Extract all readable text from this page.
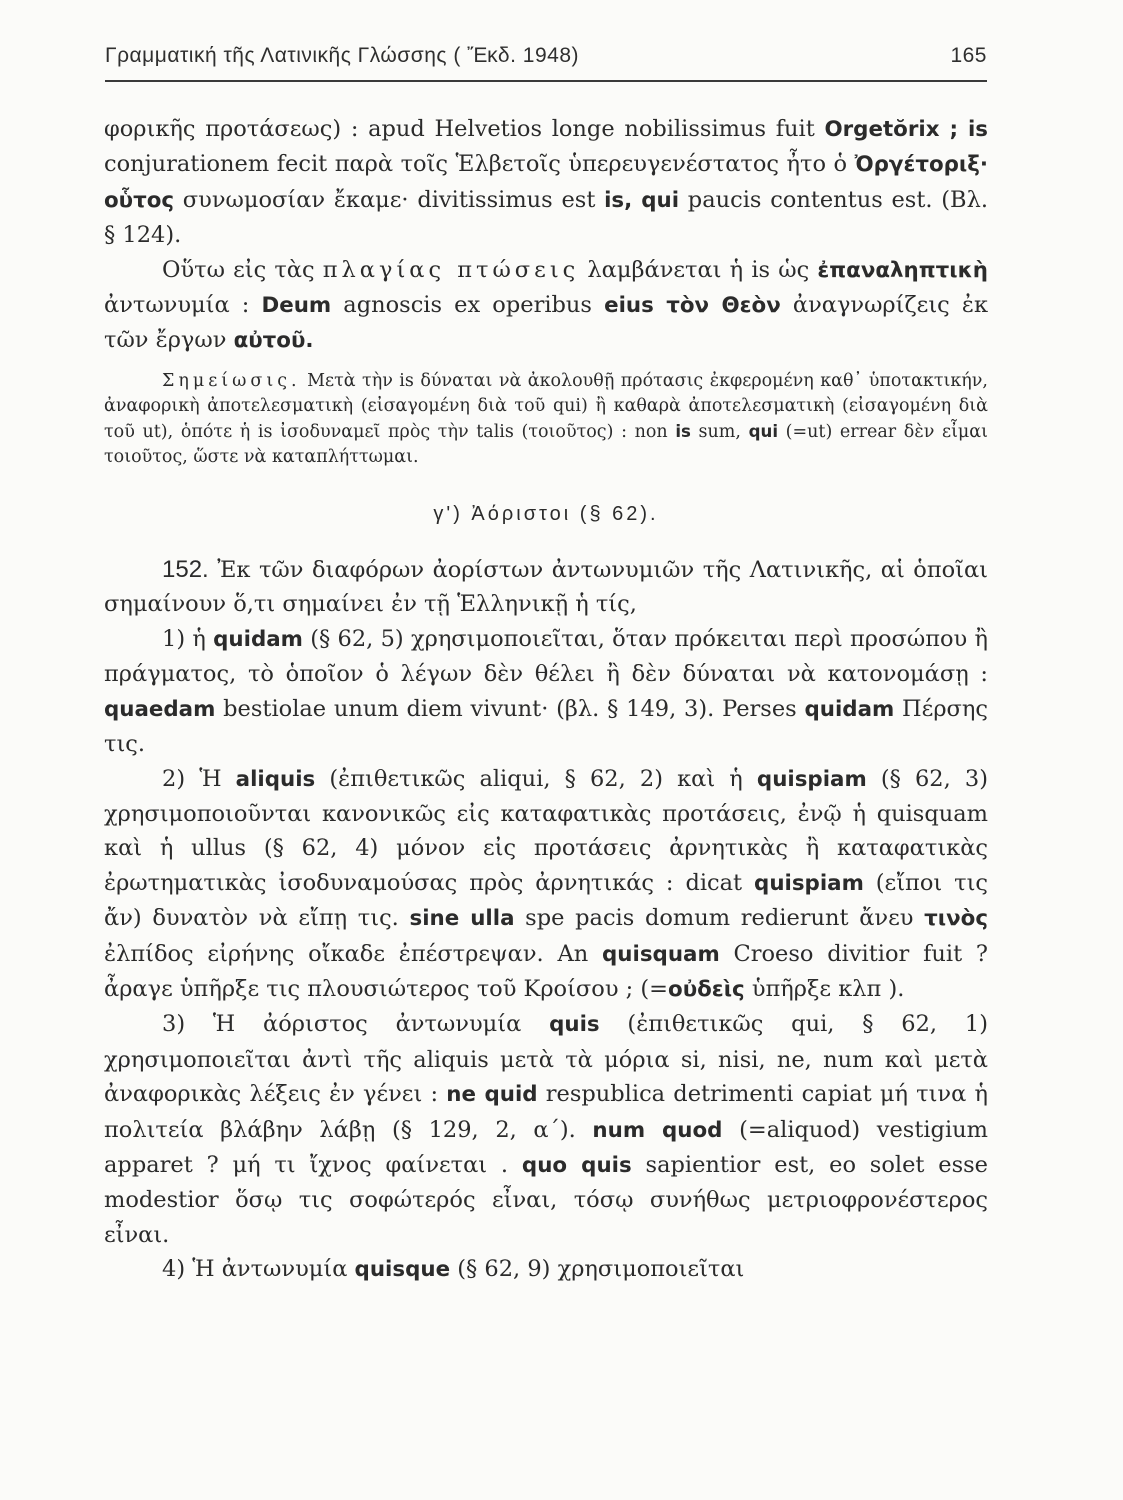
Γραμματική τῆς Λατινικῆς Γλώσσης ( Ἔκδ. 1948)	165

φορικῆς προτάσεως) : apud Helvetios longe nobilissimus fuit Orgetŏrix ; is conjurationem fecit παρὰ τοῖς Ἑλβετοῖς ὑπερευγενέστατος ἦτο ὁ Ὀργέτοριξ· οὗτος συνωμοσίαν ἔκαμε· divitissimus est is, qui paucis contentus est. (Βλ. § 124).

Οὕτω εἰς τὰς πλαγίας πτώσεις λαμβάνεται ἡ is ὡς ἐπαναληπτικὴ ἀντωνυμία : Deum agnoscis ex operibus eius τὸν Θεὸν ἀναγνωρίζεις ἐκ τῶν ἔργων αὐτοῦ.

Σημείωσις. Μετὰ τὴν is δύναται νὰ ἀκολουθῇ πρότασις ἐκφερομένη καθ᾿ ὑποτακτικήν, ἀναφορικὴ ἀποτελεσματικὴ (εἰσαγομένη διὰ τοῦ qui) ἢ καθαρὰ ἀποτελεσματικὴ (εἰσαγομένη διὰ τοῦ ut), ὁπότε ἡ is ἰσοδυναμεῖ πρὸς τὴν talis (τοιοῦτος) : non is sum, qui (=ut) errear δὲν εἶμαι τοιοῦτος, ὥστε νὰ καταπλήττωμαι.

γ') Ἀόριστοι (§ 62).

152. Ἐκ τῶν διαφόρων ἀορίστων ἀντωνυμιῶν τῆς Λατινικῆς, αἱ ὁποῖαι σημαίνουν ὅ,τι σημαίνει ἐν τῇ Ἑλληνικῇ ἡ τίς,

1) ἡ quidam (§ 62, 5) χρησιμοποιεῖται, ὅταν πρόκειται περὶ προσώπου ἢ πράγματος, τὸ ὁποῖον ὁ λέγων δὲν θέλει ἢ δὲν δύναται νὰ κατονομάσῃ : quaedam bestiolae unum diem vivunt· (βλ. § 149, 3). Perses quidam Πέρσης τις.

2) Ἡ aliquis (ἐπιθετικῶς aliqui, § 62, 2) καὶ ἡ quispiam (§ 62, 3) χρησιμοποιοῦνται κανονικῶς εἰς καταφατικὰς προτάσεις, ἐνῷ ἡ quisquam καὶ ἡ ullus (§ 62, 4) μόνον εἰς προτάσεις ἀρνητικὰς ἢ καταφατικὰς ἐρωτηματικὰς ἰσοδυναμούσας πρὸς ἀρνητικάς : dicat quispiam (εἴποι τις ἄν) δυνατὸν νὰ εἴπῃ τις. sine ulla spe pacis domum redierunt ἄνευ τινὸς ἐλπίδος εἰρήνης οἴκαδε ἐπέστρεψαν. An quisquam Croeso divitior fuit ? ἆραγε ὑπῆρξε τις πλουσιώτερος τοῦ Κροίσου ; (=οὐδεὶς ὑπῆρξε κλπ ).

3) Ἡ ἀόριστος ἀντωνυμία quis (ἐπιθετικῶς qui, § 62, 1) χρησιμοποιεῖται ἀντὶ τῆς aliquis μετὰ τὰ μόρια si, nisi, ne, num καὶ μετὰ ἀναφορικὰς λέξεις ἐν γένει : ne quid respublica detrimenti capiat μή τινα ἡ πολιτεία βλάβην λάβῃ (§ 129, 2, α΄). num quod (=aliquod) vestigium apparet ? μή τι ἴχνος φαίνεται . quo quis sapientior est, eo solet esse modestior ὅσῳ τις σοφώτερός εἶναι, τόσῳ συνήθως μετριοφρονέστερος εἶναι.

4) Ἡ ἀντωνυμία quisque (§ 62, 9) χρησιμοποιεῖται
